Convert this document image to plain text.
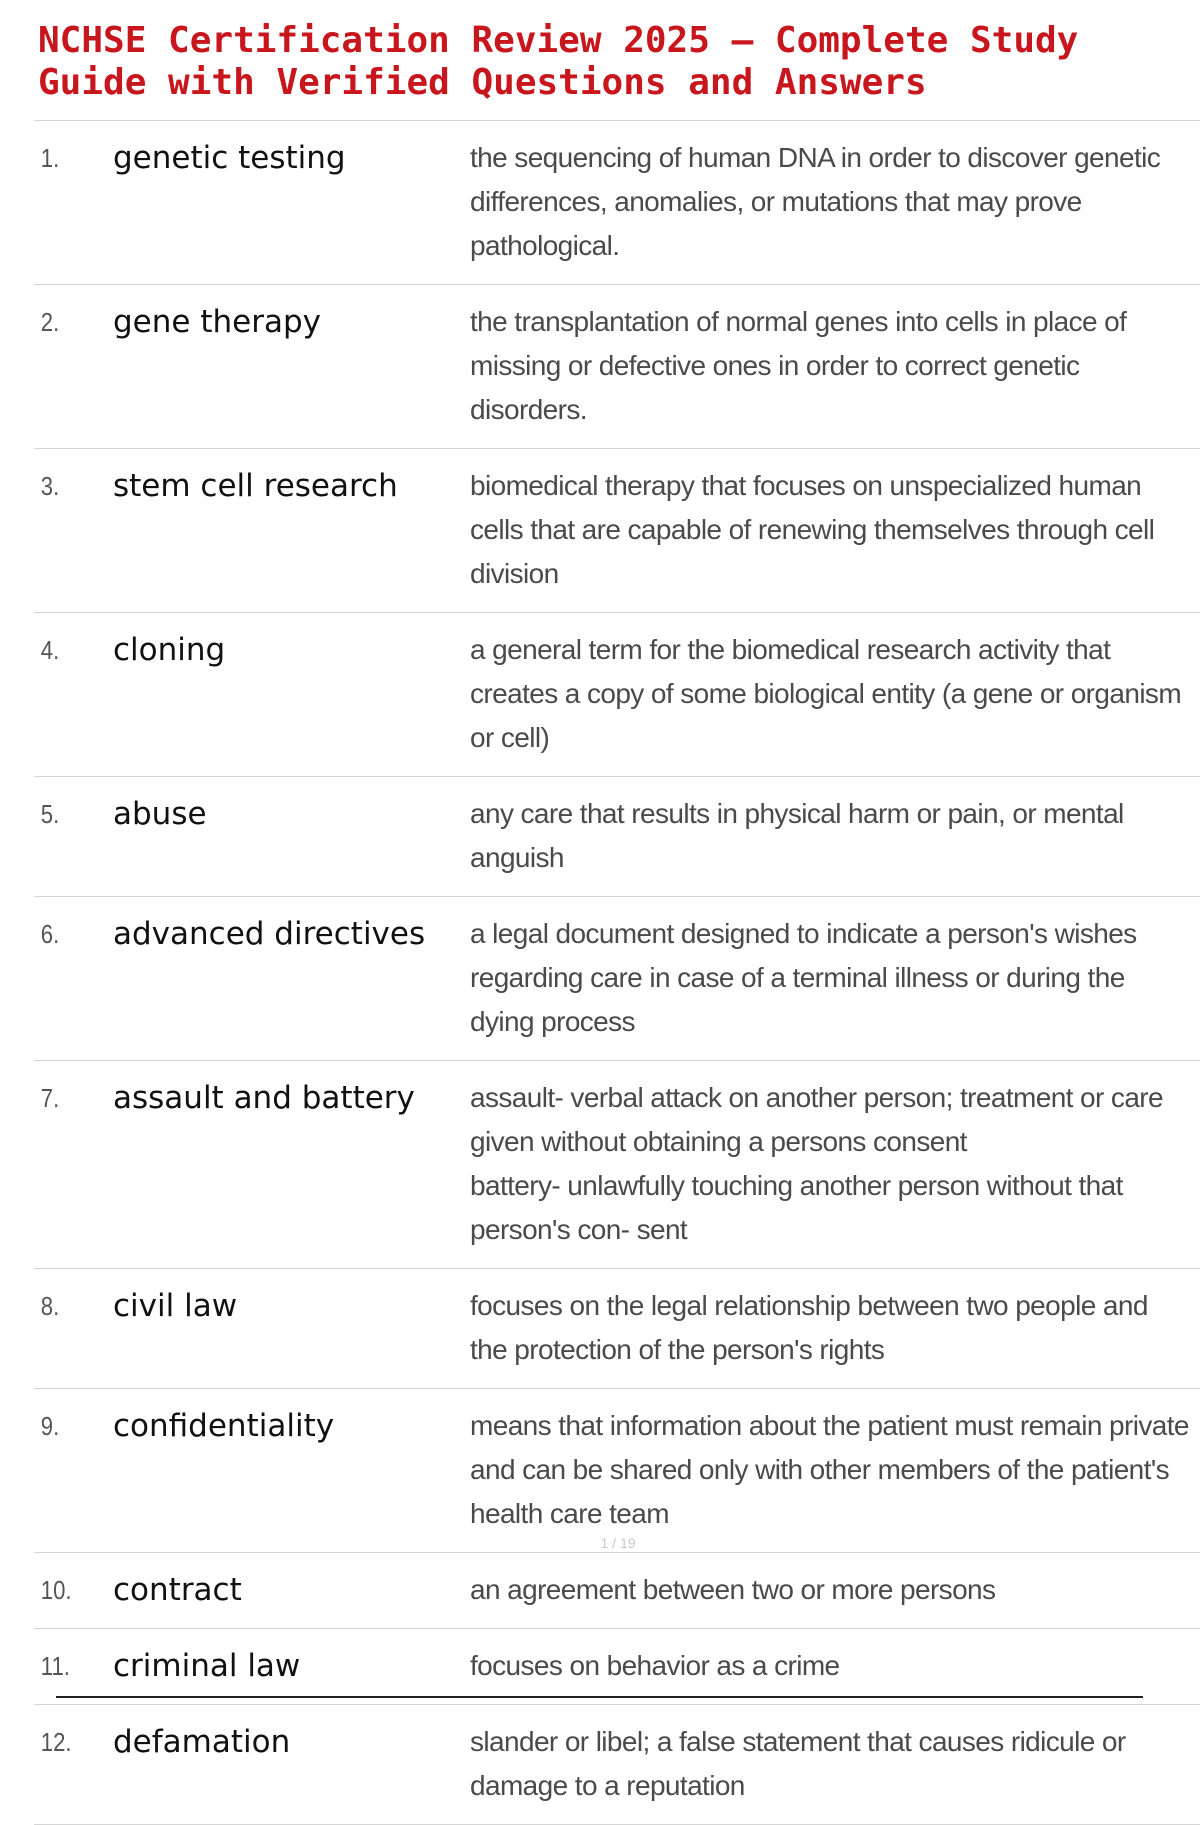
NCHSE Certification Review 2025 – Complete Study Guide with Verified Questions and Answers
1.	genetic testing	the sequencing of human DNA in order to discover genetic differences, anomalies, or mutations that may prove pathological.
2.	gene therapy	the transplantation of normal genes into cells in place of missing or defective ones in order to correct genetic disorders.
3.	stem cell research	biomedical therapy that focuses on unspecialized human cells that are capable of renewing themselves through cell division
4.	cloning	a general term for the biomedical research activity that creates a copy of some biological entity (a gene or organism or cell)
5.	abuse	any care that results in physical harm or pain, or mental anguish
6.	advanced directives	a legal document designed to indicate a person's wishes regarding care in case of a terminal illness or during the dying process
7.	assault and battery	assault- verbal attack on another person; treatment or care given without obtaining a persons consent
battery- unlawfully touching another person without that person's con- sent
8.	civil law	focuses on the legal relationship between two people and the protection of the person's rights
9.	confidentiality	means that information about the patient must remain private and can be shared only with other members of the patient's health care team
10.	contract	an agreement between two or more persons
11.	criminal law	focuses on behavior as a crime
12.	defamation	slander or libel; a false statement that causes ridicule or damage to a reputation
1 / 19
